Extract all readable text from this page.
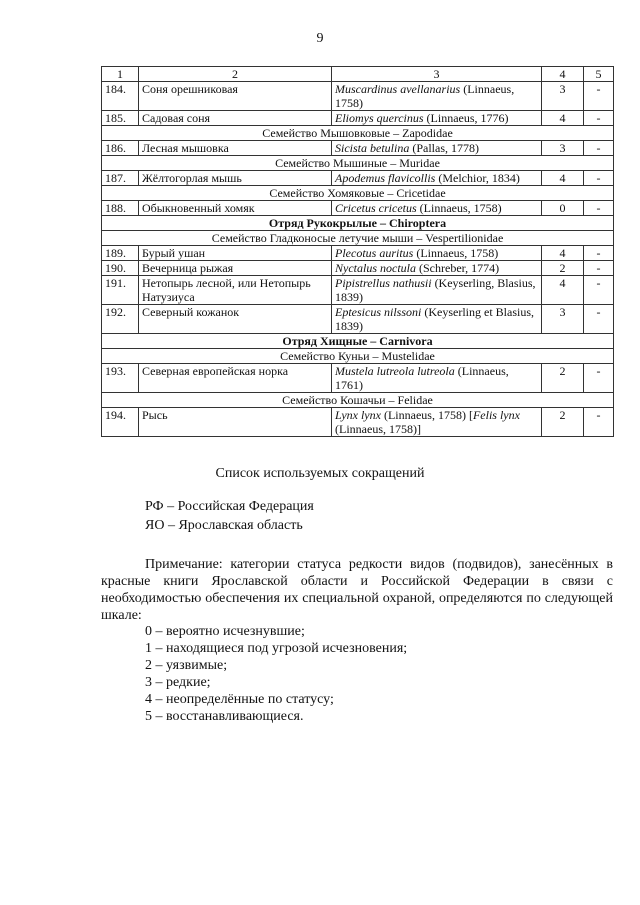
9
1	2	3	4	5
184.	Соня орешниковая	Muscardinus avellanarius (Linnaeus, 1758)	3	-
185.	Садовая соня	Eliomys quercinus (Linnaeus, 1776)	4	-
Семейство Мышовковые – Zapodidae				
186.	Лесная мышовка	Sicista betulina (Pallas, 1778)	3	-
Семейство Мышиные – Muridae				
187.	Жёлтогорлая мышь	Apodemus flavicollis (Melchior, 1834)	4	-
Семейство Хомяковые – Cricetidae				
188.	Обыкновенный хомяк	Cricetus cricetus (Linnaeus, 1758)	0	-
Отряд Рукокрылые – Chiroptera				
Семейство Гладконосые летучие мыши – Vespertilionidae				
189.	Бурый ушан	Plecotus auritus (Linnaeus, 1758)	4	-
190.	Вечерница рыжая	Nyctalus noctula (Schreber, 1774)	2	-
191.	Нетопырь лесной, или Нетопырь Натузиуса	Pipistrellus nathusii (Keyserling, Blasius, 1839)	4	-
192.	Северный кожанок	Eptesicus nilssoni (Keyserling et Blasius, 1839)	3	-
Отряд Хищные – Carnivora				
Семейство Куньи – Mustelidae				
193.	Северная европейская норка	Mustela lutreola lutreola (Linnaeus, 1761)	2	-
Семейство Кошачьи – Felidae				
194.	Рысь	Lynx lynx (Linnaeus, 1758) [Felis lynx (Linnaeus, 1758)]	2	-
Список используемых сокращений
РФ – Российская Федерация
ЯО – Ярославская область

Примечание: категории статуса редкости видов (подвидов), занесённых в красные книги Ярославской области и Российской Федерации в связи с необходимостью обеспечения их специальной охраной, определяются по следующей шкале:

0 – вероятно исчезнувшие;
1 – находящиеся под угрозой исчезновения;
2 – уязвимые;
3 – редкие;
4 – неопределённые по статусу;
5 – восстанавливающиеся.
